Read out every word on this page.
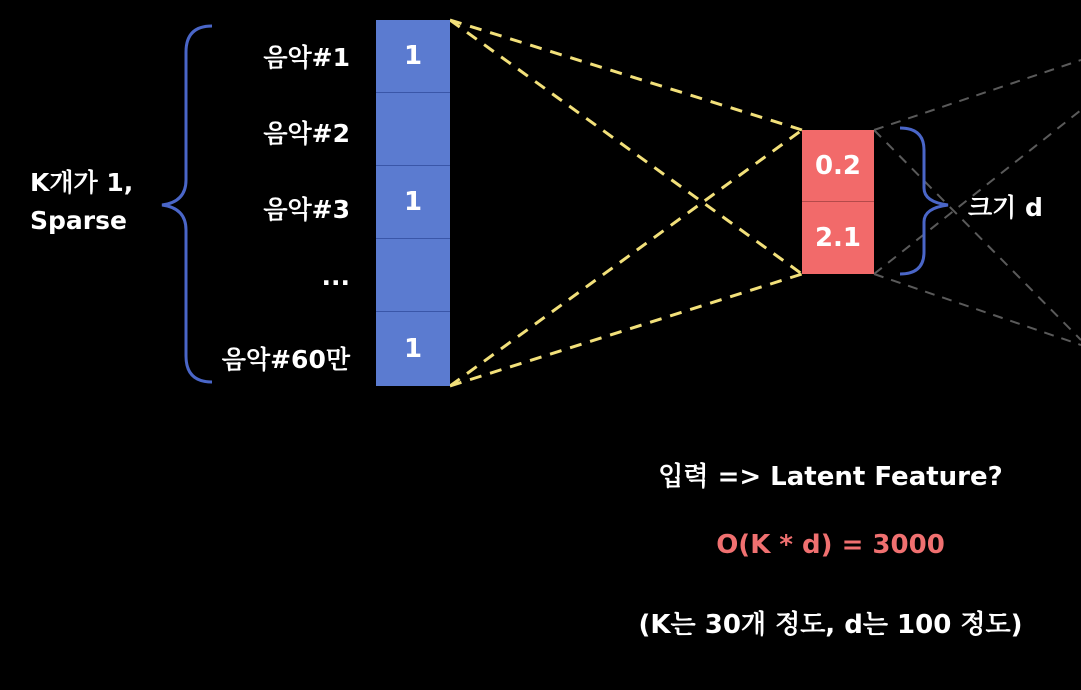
K개가 1,
Sparse
음악#1
음악#2
음악#3
...
음악#60만
1
1
1
0.2
2.1
크기 d
입력 => Latent Feature?
O(K * d) = 3000
(K는 30개 정도, d는 100 정도)
